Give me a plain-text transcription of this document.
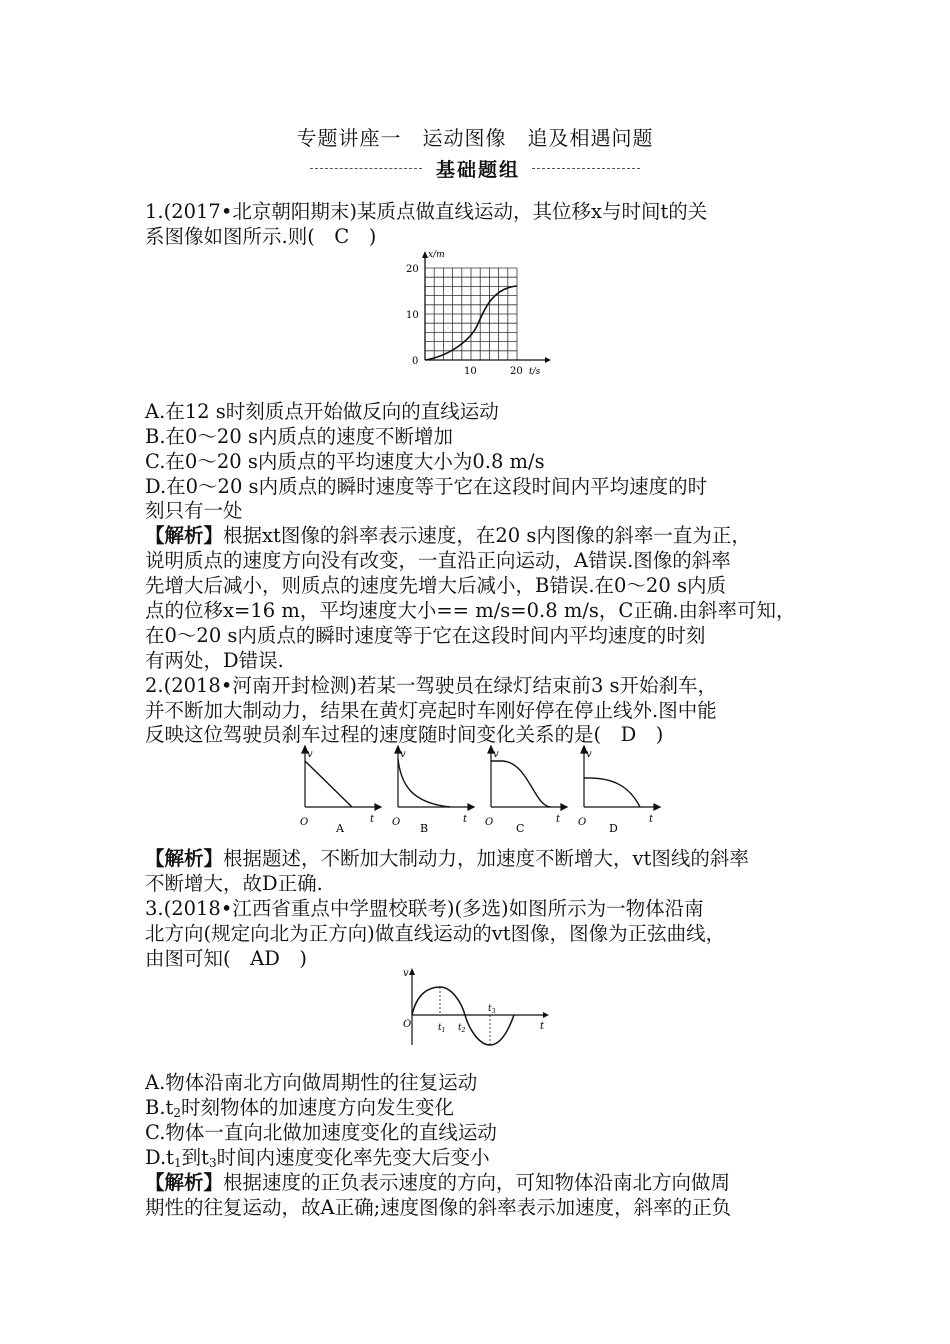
专题讲座一　运动图像　追及相遇问题
基础题组
1.(2017•北京朝阳期末)某质点做直线运动，其位移x与时间t的关
系图像如图所示.则(　C　)
x/m
t/s
20
10
0
10	20
A.在12 s时刻质点开始做反向的直线运动
B.在0～20 s内质点的速度不断增加
C.在0～20 s内质点的平均速度大小为0.8 m/s
D.在0～20 s内质点的瞬时速度等于它在这段时间内平均速度的时
刻只有一处
【解析】根据xt图像的斜率表示速度，在20 s内图像的斜率一直为正，
说明质点的速度方向没有改变，一直沿正向运动，A错误.图像的斜率
先增大后减小，则质点的速度先增大后减小，B错误.在0～20 s内质
点的位移x=16 m，平均速度大小== m/s=0.8 m/s，C正确.由斜率可知，
在0～20 s内质点的瞬时速度等于它在这段时间内平均速度的时刻
有两处，D错误.
2.(2018•河南开封检测)若某一驾驶员在绿灯结束前3 s开始刹车，
并不断加大制动力，结果在黄灯亮起时车刚好停在停止线外.图中能
反映这位驾驶员刹车过程的速度随时间变化关系的是(　D　)
v	v	v	v
t	t	t	t
O	O	O	O
A	B	C	D
【解析】根据题述，不断加大制动力，加速度不断增大，vt图线的斜率
不断增大，故D正确.
3.(2018•江西省重点中学盟校联考)(多选)如图所示为一物体沿南
北方向(规定向北为正方向)做直线运动的vt图像，图像为正弦曲线，
由图可知(　AD　)
v
t
O	$t_1$ $t_2$
$t_3$
A.物体沿南北方向做周期性的往复运动
$B.t_2$时刻物体的加速度方向发生变化
C.物体一直向北做加速度变化的直线运动
$D.t_1$到$t_3$时间内速度变化率先变大后变小
【解析】根据速度的正负表示速度的方向，可知物体沿南北方向做周
期性的往复运动，故A正确;速度图像的斜率表示加速度，斜率的正负
